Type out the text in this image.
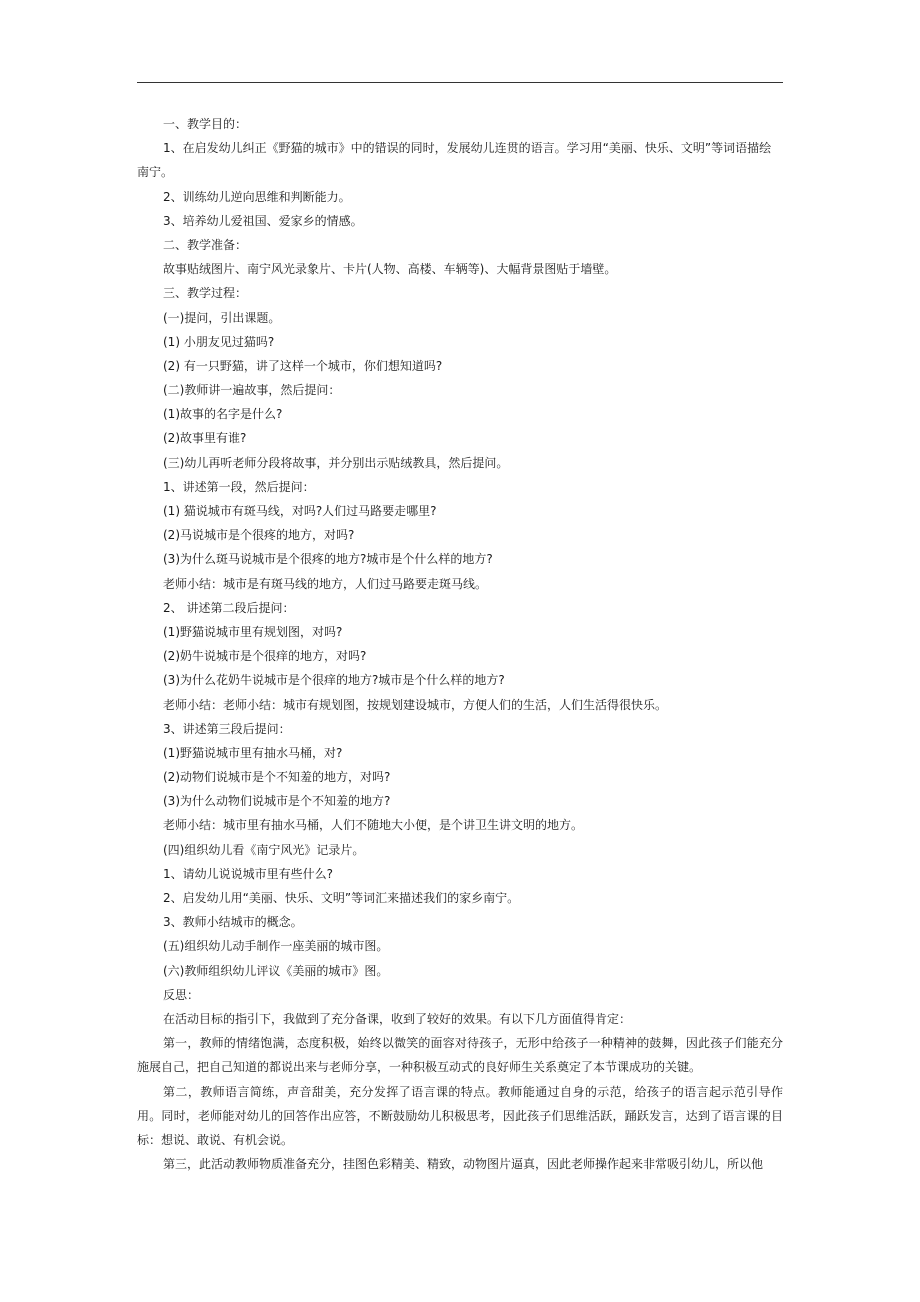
一、教学目的：
1、在启发幼儿纠正《野猫的城市》中的错误的同时，发展幼儿连贯的语言。学习用“美丽、快乐、文明”等词语描绘
南宁。
2、训练幼儿逆向思维和判断能力。
3、培养幼儿爱祖国、爱家乡的情感。
二、教学准备：
故事贴绒图片、南宁风光录象片、卡片(人物、高楼、车辆等)、大幅背景图贴于墙壁。
三、教学过程：
(一)提问，引出课题。
(1) 小朋友见过猫吗?
(2) 有一只野猫，讲了这样一个城市，你们想知道吗?
(二)教师讲一遍故事，然后提问：
(1)故事的名字是什么?
(2)故事里有谁?
(三)幼儿再听老师分段将故事，并分别出示贴绒教具，然后提问。
1、讲述第一段，然后提问：
(1) 猫说城市有斑马线，对吗?人们过马路要走哪里?
(2)马说城市是个很疼的地方，对吗?
(3)为什么斑马说城市是个很疼的地方?城市是个什么样的地方?
老师小结：城市是有斑马线的地方，人们过马路要走斑马线。
2、 讲述第二段后提问：
(1)野猫说城市里有规划图，对吗?
(2)奶牛说城市是个很痒的地方，对吗?
(3)为什么花奶牛说城市是个很痒的地方?城市是个什么样的地方?
老师小结：老师小结：城市有规划图，按规划建设城市，方便人们的生活，人们生活得很快乐。
3、讲述第三段后提问：
(1)野猫说城市里有抽水马桶，对?
(2)动物们说城市是个不知羞的地方，对吗?
(3)为什么动物们说城市是个不知羞的地方?
老师小结：城市里有抽水马桶，人们不随地大小便，是个讲卫生讲文明的地方。
(四)组织幼儿看《南宁风光》记录片。
1、请幼儿说说城市里有些什么?
2、启发幼儿用“美丽、快乐、文明”等词汇来描述我们的家乡南宁。
3、教师小结城市的概念。
(五)组织幼儿动手制作一座美丽的城市图。
(六)教师组织幼儿评议《美丽的城市》图。
反思：
在活动目标的指引下，我做到了充分备课，收到了较好的效果。有以下几方面值得肯定：
第一，教师的情绪饱满，态度积极，始终以微笑的面容对待孩子，无形中给孩子一种精神的鼓舞，因此孩子们能充分施展自己，把自己知道的都说出来与老师分享，一种积极互动式的良好师生关系奠定了本节课成功的关键。
第二，教师语言简练，声音甜美，充分发挥了语言课的特点。教师能通过自身的示范，给孩子的语言起示范引导作用。同时，老师能对幼儿的回答作出应答，不断鼓励幼儿积极思考，因此孩子们思维活跃，踊跃发言，达到了语言课的目标：想说、敢说、有机会说。
第三，此活动教师物质准备充分，挂图色彩精美、精致，动物图片逼真，因此老师操作起来非常吸引幼儿，所以他
